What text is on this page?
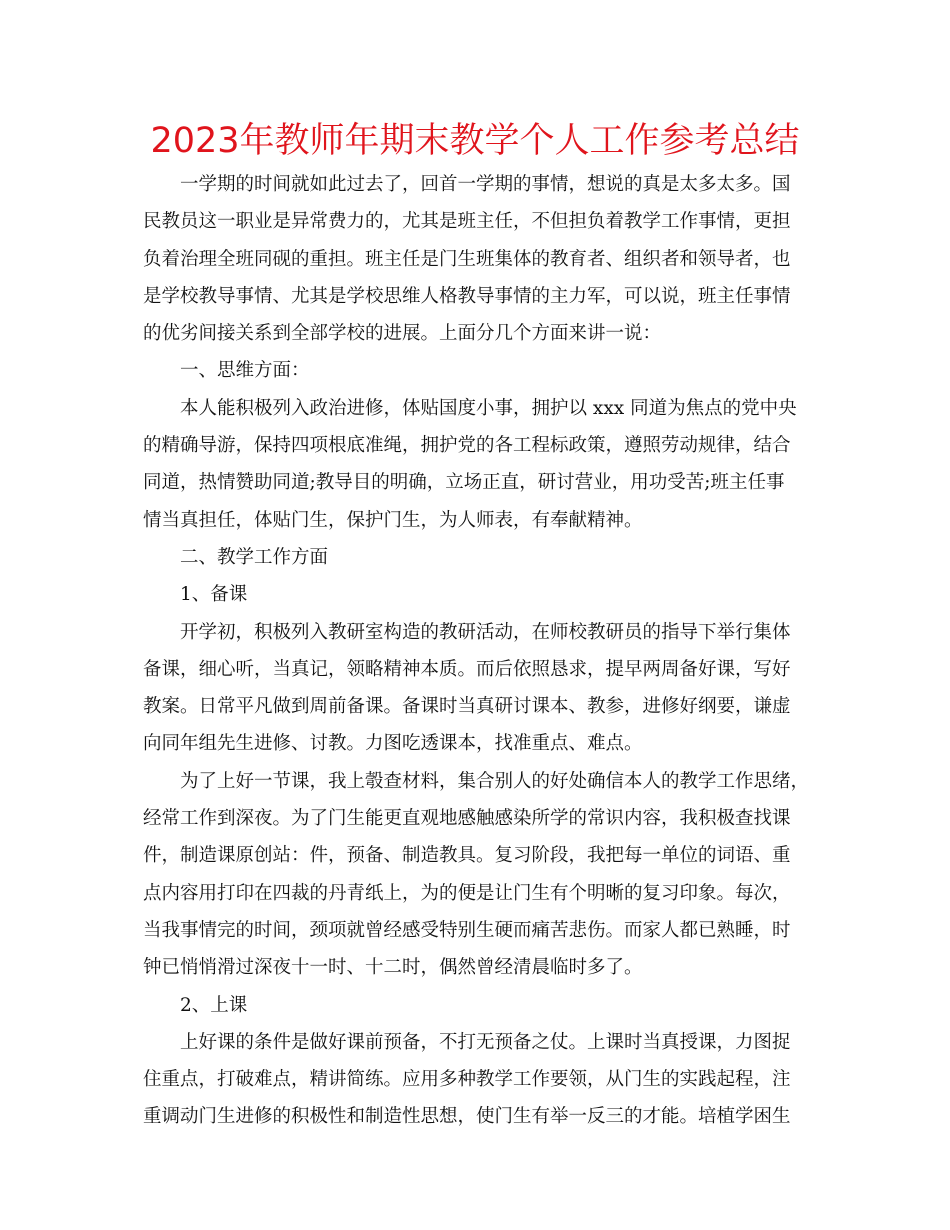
2023年教师年期末教学个人工作参考总结
一学期的时间就如此过去了，回首一学期的事情，想说的真是太多太多。国
民教员这一职业是异常费力的，尤其是班主任，不但担负着教学工作事情，更担
负着治理全班同砚的重担。班主任是门生班集体的教育者、组织者和领导者，也
是学校教导事情、尤其是学校思维人格教导事情的主力军，可以说，班主任事情
的优劣间接关系到全部学校的进展。上面分几个方面来讲一说：
一、思维方面：
本人能积极列入政治进修，体贴国度小事，拥护以 xxx 同道为焦点的党中央
的精确导游，保持四项根底准绳，拥护党的各工程标政策，遵照劳动规律，结合
同道，热情赞助同道;教导目的明确，立场正直，研讨营业，用功受苦;班主任事
情当真担任，体贴门生，保护门生，为人师表，有奉献精神。
二、教学工作方面
1、备课
开学初，积极列入教研室构造的教研活动，在师校教研员的指导下举行集体
备课，细心听，当真记，领略精神本质。而后依照恳求，提早两周备好课，写好
教案。日常平凡做到周前备课。备课时当真研讨课本、教参，进修好纲要，谦虚
向同年组先生进修、讨教。力图吃透课本，找准重点、难点。
为了上好一节课，我上彀查材料，集合别人的好处确信本人的教学工作思绪，
经常工作到深夜。为了门生能更直观地感触感染所学的常识内容，我积极查找课
件，制造课原创站：件，预备、制造教具。复习阶段，我把每一单位的词语、重
点内容用打印在四裁的丹青纸上，为的便是让门生有个明晰的复习印象。每次，
当我事情完的时间，颈项就曾经感受特别生硬而痛苦悲伤。而家人都已熟睡，时
钟已悄悄滑过深夜十一时、十二时，偶然曾经清晨临时多了。
2、上课
上好课的条件是做好课前预备，不打无预备之仗。上课时当真授课，力图捉
住重点，打破难点，精讲简练。应用多种教学工作要领，从门生的实践起程，注
重调动门生进修的积极性和制造性思想，使门生有举一反三的才能。培植学困生
